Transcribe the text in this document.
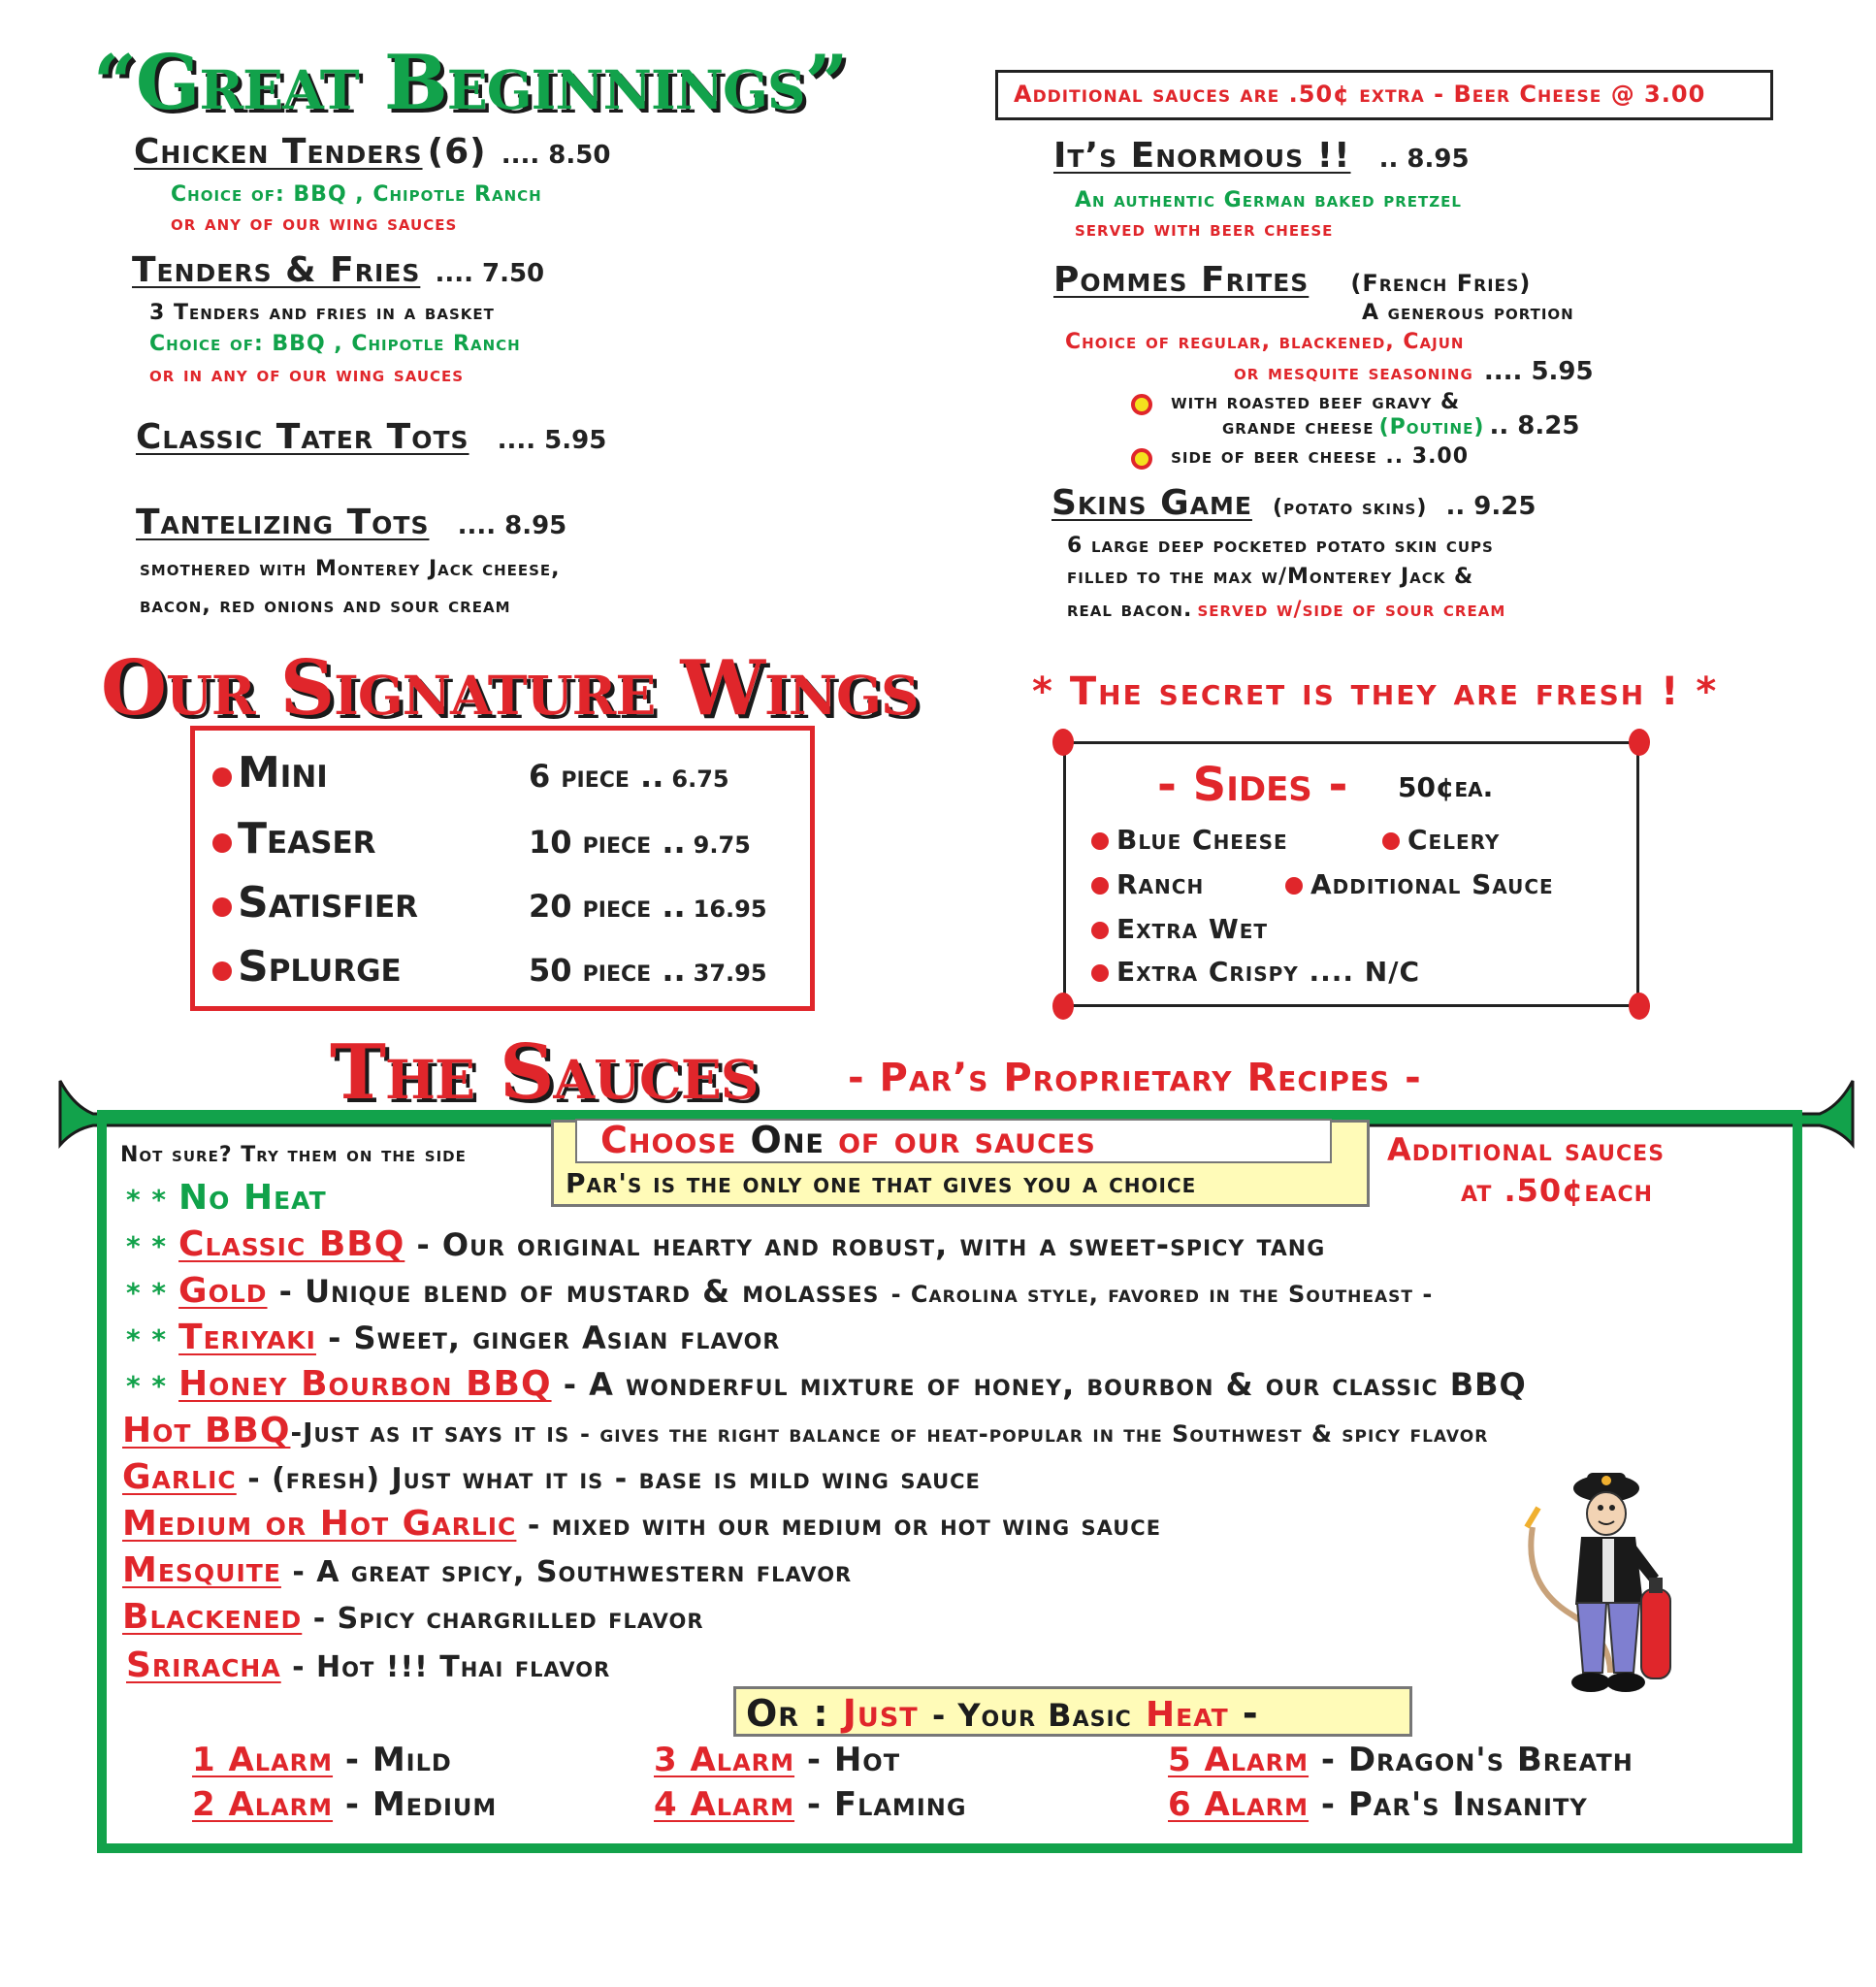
“Great Beginnings”	Additional sauces are .50¢ extra - Beer Cheese @ 3.00
Chicken Tenders (6) .... 8.50
Choice of: BBQ , Chipotle Ranch
or any of our wing sauces
Tenders & Fries .... 7.50
3 Tenders and fries in a basket
Choice of: BBQ , Chipotle Ranch
or in any of our wing sauces
Classic Tater Tots .... 5.95
Tantelizing Tots .... 8.95
smothered with Monterey Jack cheese,
bacon, red onions and sour cream
It’s Enormous !! .. 8.95
An authentic German baked pretzel
served with beer cheese
Pommes Frites (French Fries)
A generous portion
Choice of regular, blackened, Cajun
or mesquite seasoning .... 5.95
with roasted beef gravy &
grande cheese (Poutine) .. 8.25
side of beer cheese .. 3.00
Skins Game (potato skins) .. 9.25
6 large deep pocketed potato skin cups
filled to the max w/Monterey Jack &
real bacon. served w/side of sour cream
Our Signature Wings	* The secret is they are fresh ! *
Mini	6 piece .. 6.75
Teaser	10 piece .. 9.75
Satisfier	20 piece .. 16.95
Splurge	50 piece .. 37.95
- Sides - 50¢ea.
Blue Cheese	Celery
Ranch	Additional Sauce
Extra Wet
Extra Crispy .... N/C
The Sauces - Par’s Proprietary Recipes -
Not sure? Try them on the side	Choose One of our sauces
Par's is the only one that gives you a choice
Additional sauces
at .50¢each
* * No Heat
* * Classic BBQ - Our original hearty and robust, with a sweet-spicy tang
* * Gold - Unique blend of mustard & molasses - Carolina style, favored in the Southeast -
* * Teriyaki - Sweet, ginger Asian flavor
* * Honey Bourbon BBQ - A wonderful mixture of honey, bourbon & our classic BBQ
Hot BBQ-Just as it says it is - gives the right balance of heat-popular in the Southwest & spicy flavor
Garlic - (fresh) Just what it is - base is mild wing sauce
Medium or Hot Garlic - mixed with our medium or hot wing sauce
Mesquite - A great spicy, Southwestern flavor
Blackened - Spicy chargrilled flavor
Sriracha - Hot !!! Thai flavor
Or : Just - Your Basic Heat -
1 Alarm - Mild
2 Alarm - Medium
3 Alarm - Hot
4 Alarm - Flaming
5 Alarm - Dragon's Breath
6 Alarm - Par's Insanity
